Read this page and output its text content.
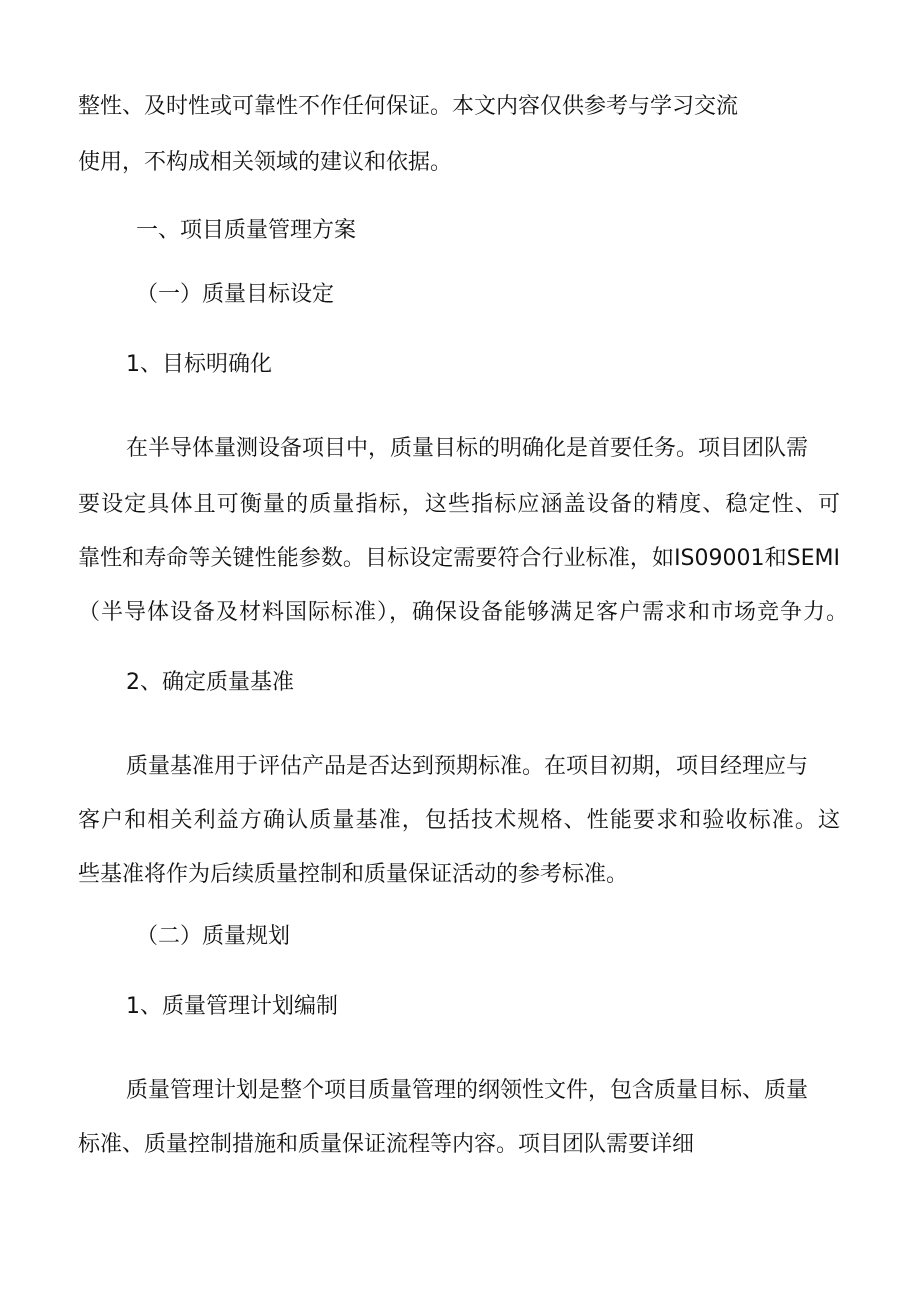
整性、及时性或可靠性不作任何保证。本文内容仅供参考与学习交流
使用，不构成相关领域的建议和依据。
一、项目质量管理方案
（一）质量目标设定
1、目标明确化
在半导体量测设备项目中，质量目标的明确化是首要任务。项目团队需
要设定具体且可衡量的质量指标，这些指标应涵盖设备的精度、稳定性、可
靠性和寿命等关键性能参数。目标设定需要符合行业标准，如IS09001和SEMI
（半导体设备及材料国际标准），确保设备能够满足客户需求和市场竞争力。
2、确定质量基准
质量基准用于评估产品是否达到预期标准。在项目初期，项目经理应与
客户和相关利益方确认质量基准，包括技术规格、性能要求和验收标准。这
些基准将作为后续质量控制和质量保证活动的参考标准。
（二）质量规划
1、质量管理计划编制
质量管理计划是整个项目质量管理的纲领性文件，包含质量目标、质量
标准、质量控制措施和质量保证流程等内容。项目团队需要详细
